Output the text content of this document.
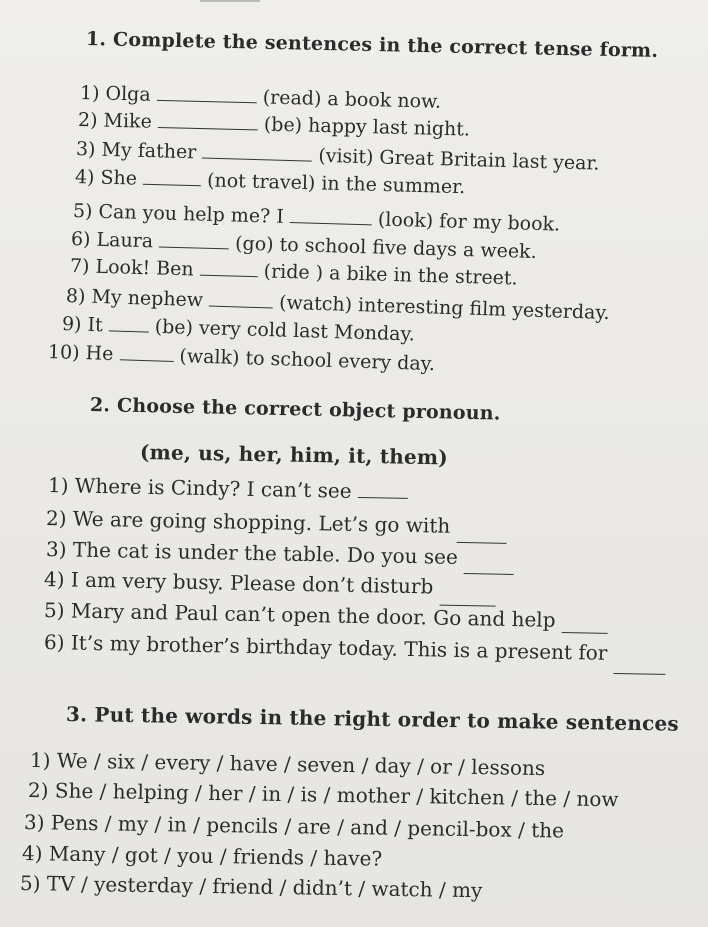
1. Complete the sentences in the correct tense form.
1) Olga	(read) a book now.
2) Mike	(be) happy last night.
3) My father	(visit) Great Britain last year.
4) She	(not travel) in the summer.
5) Can you help me? I	(look) for my book.
6) Laura	(go) to school five days a week.
7) Look! Ben	(ride ) a bike in the street.
8) My nephew	(watch) interesting film yesterday.
9) It	(be) very cold last Monday.
10) He	(walk) to school every day.
2. Choose the correct object pronoun.
(me, us, her, him, it, them)
1) Where is Cindy? I can’t see
2) We are going shopping. Let’s go with
3) The cat is under the table. Do you see
4) I am very busy. Please don’t disturb
5) Mary and Paul can’t open the door. Go and help
6) It’s my brother’s birthday today. This is a present for
3. Put the words in the right order to make sentences
1) We / six / every / have / seven / day / or / lessons
2) She / helping / her / in / is / mother / kitchen / the / now
3) Pens / my / in / pencils / are / and / pencil-box / the
4) Many / got / you / friends / have?
5) TV / yesterday / friend / didn’t / watch / my
